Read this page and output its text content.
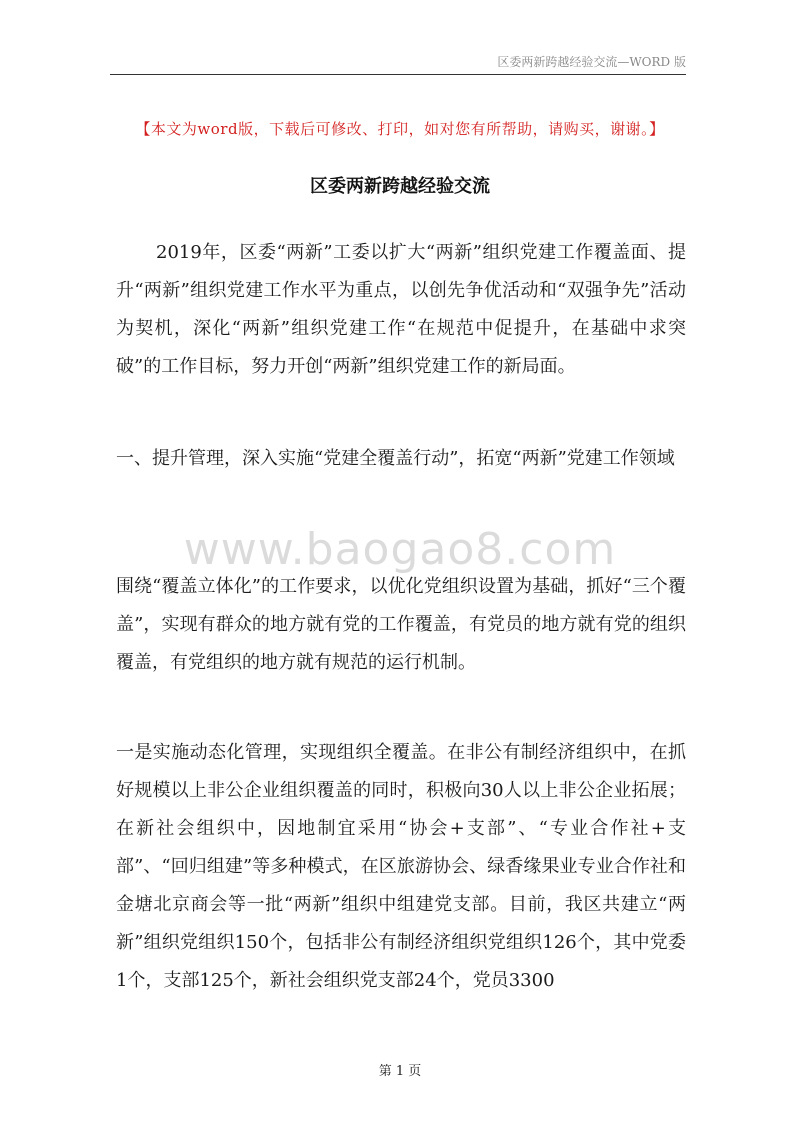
区委两新跨越经验交流—WORD 版
【本文为word版，下载后可修改、打印，如对您有所帮助，请购买，谢谢。】
区委两新跨越经验交流

2019年，区委“两新”工委以扩大“两新”组织党建工作覆盖面、提升“两新”组织党建工作水平为重点，以创先争优活动和“双强争先”活动为契机，深化“两新”组织党建工作“在规范中促提升，在基础中求突破”的工作目标，努力开创“两新”组织党建工作的新局面。

一、提升管理，深入实施“党建全覆盖行动”，拓宽“两新”党建工作领域

www.baogao8.com

围绕“覆盖立体化”的工作要求，以优化党组织设置为基础，抓好“三个覆盖”，实现有群众的地方就有党的工作覆盖，有党员的地方就有党的组织覆盖，有党组织的地方就有规范的运行机制。

一是实施动态化管理，实现组织全覆盖。在非公有制经济组织中，在抓好规模以上非公企业组织覆盖的同时，积极向30人以上非公企业拓展；在新社会组织中，因地制宜采用“协会+支部”、“专业合作社+支部”、“回归组建”等多种模式，在区旅游协会、绿香缘果业专业合作社和金塘北京商会等一批“两新”组织中组建党支部。目前，我区共建立“两新”组织党组织150个，包括非公有制经济组织党组织126个，其中党委1个，支部125个，新社会组织党支部24个，党员3300

第 1 页
